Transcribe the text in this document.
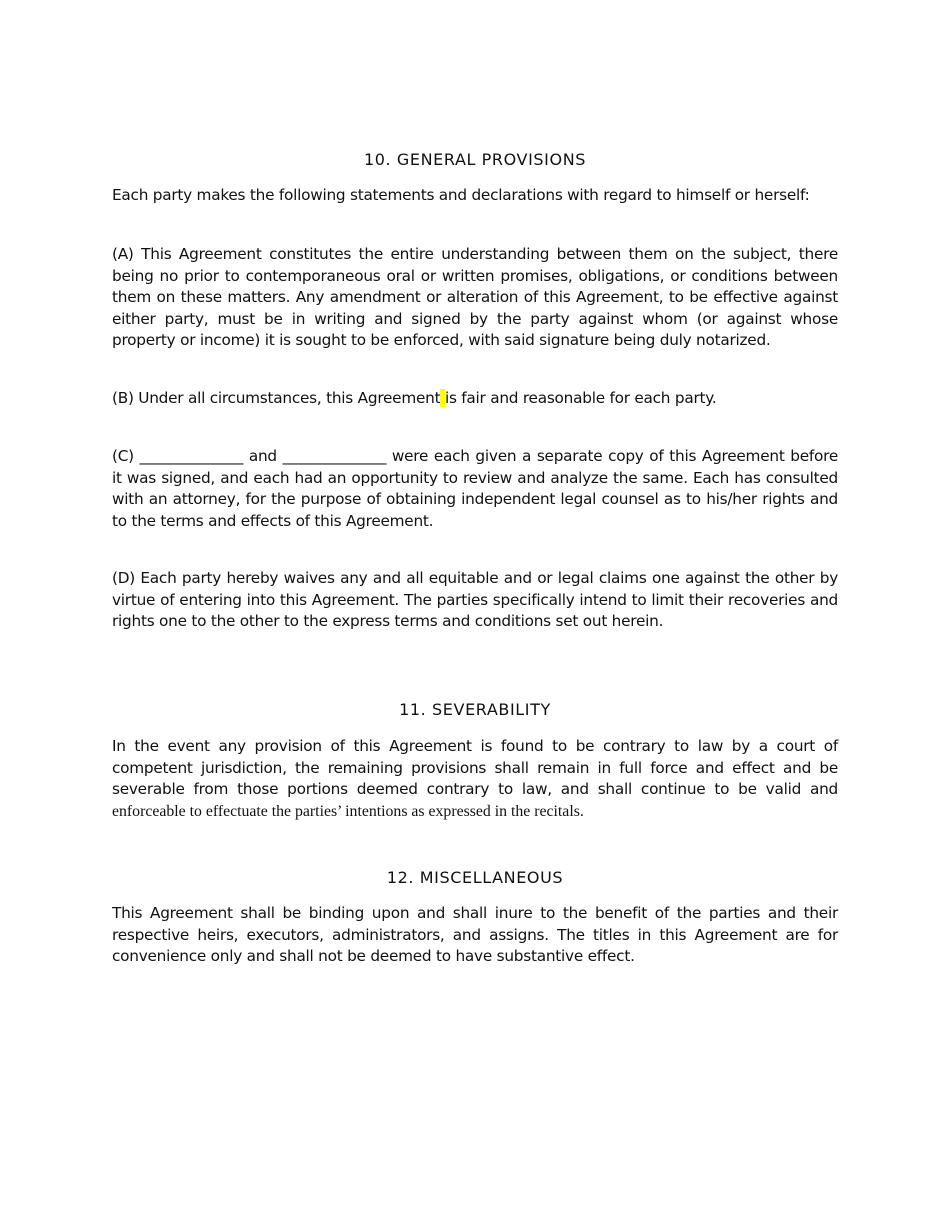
10. GENERAL PROVISIONS

Each party makes the following statements and declarations with regard to himself or herself:

(A) This Agreement constitutes the entire understanding between them on the subject, there being no prior to contemporaneous oral or written promises, obligations, or conditions between them on these matters. Any amendment or alteration of this Agreement, to be effective against either party, must be in writing and signed by the party against whom (or against whose property or income) it is sought to be enforced, with said signature being duly notarized.

(B) Under all circumstances, this Agreement is fair and reasonable for each party.

(C) ______________ and ______________ were each given a separate copy of this Agreement before it was signed, and each had an opportunity to review and analyze the same. Each has consulted with an attorney, for the purpose of obtaining independent legal counsel as to his/her rights and to the terms and effects of this Agreement.

(D) Each party hereby waives any and all equitable and or legal claims one against the other by virtue of entering into this Agreement. The parties specifically intend to limit their recoveries and rights one to the other to the express terms and conditions set out herein.

11. SEVERABILITY

In the event any provision of this Agreement is found to be contrary to law by a court of competent jurisdiction, the remaining provisions shall remain in full force and effect and be severable from those portions deemed contrary to law, and shall continue to be valid and enforceable to effectuate the parties’ intentions as expressed in the recitals.

12. MISCELLANEOUS

This Agreement shall be binding upon and shall inure to the benefit of the parties and their respective heirs, executors, administrators, and assigns. The titles in this Agreement are for convenience only and shall not be deemed to have substantive effect.
